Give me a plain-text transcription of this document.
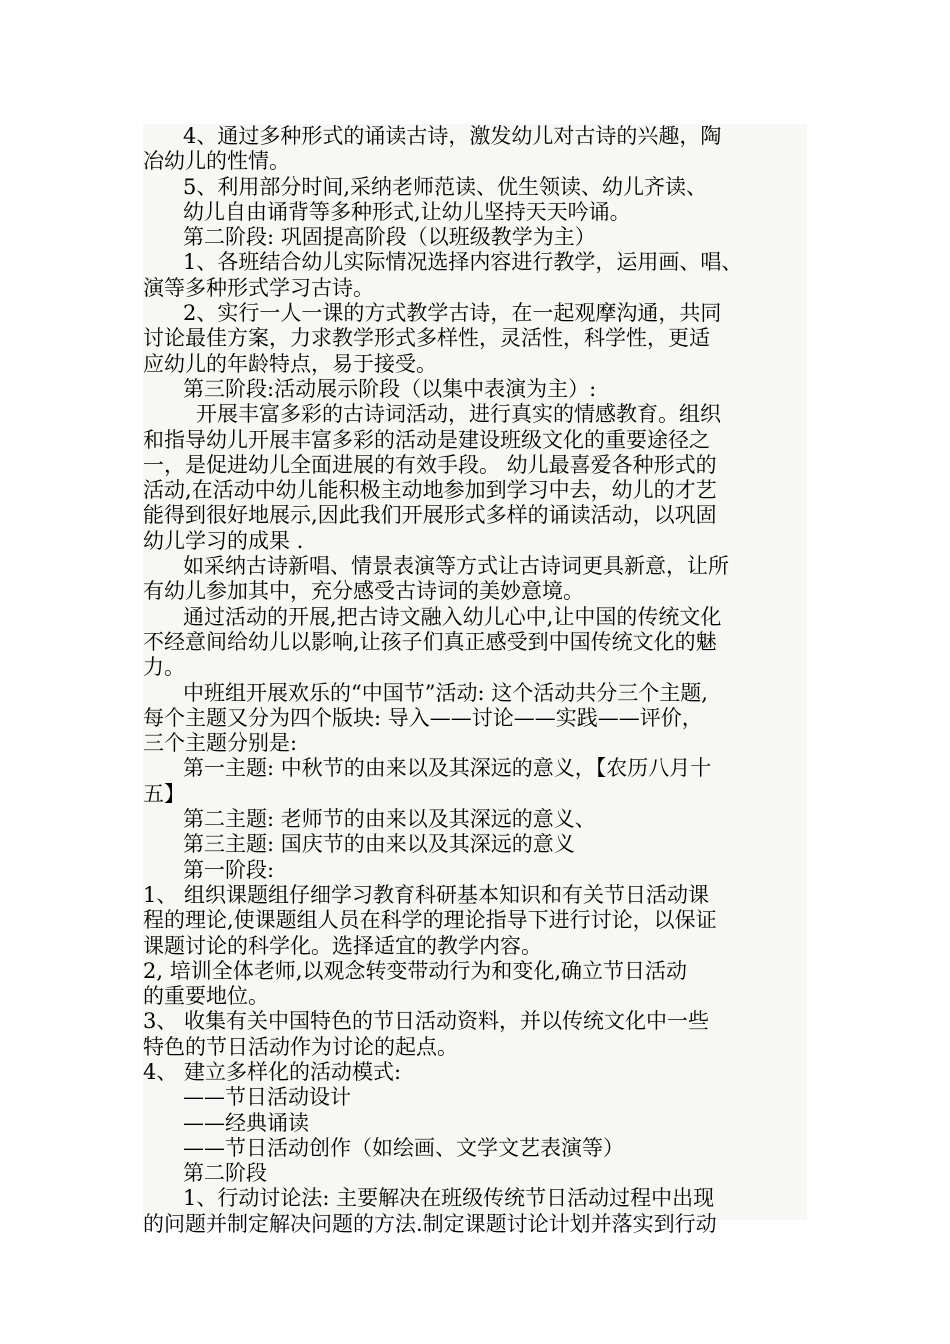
4、通过多种形式的诵读古诗，激发幼儿对古诗的兴趣，陶

冶幼儿的性情。

5、利用部分时间,采纳老师范读、优生领读、幼儿齐读、

幼儿自由诵背等多种形式,让幼儿坚持天天吟诵。

第二阶段: 巩固提高阶段（以班级教学为主）

1、各班结合幼儿实际情况选择内容进行教学，运用画、唱、

演等多种形式学习古诗。

2、实行一人一课的方式教学古诗，在一起观摩沟通，共同

讨论最佳方案，力求教学形式多样性，灵活性，科学性，更适

应幼儿的年龄特点，易于接受。

第三阶段:活动展示阶段（以集中表演为主）:

开展丰富多彩的古诗词活动，进行真实的情感教育。组织

和指导幼儿开展丰富多彩的活动是建设班级文化的重要途径之

一，是促进幼儿全面进展的有效手段。 幼儿最喜爱各种形式的

活动,在活动中幼儿能积极主动地参加到学习中去，幼儿的才艺

能得到很好地展示,因此我们开展形式多样的诵读活动，以巩固

幼儿学习的成果 .

如采纳古诗新唱、情景表演等方式让古诗词更具新意，让所

有幼儿参加其中，充分感受古诗词的美妙意境。

通过活动的开展,把古诗文融入幼儿心中,让中国的传统文化

不经意间给幼儿以影响,让孩子们真正感受到中国传统文化的魅

力。

中班组开展欢乐的“中国节”活动: 这个活动共分三个主题,

每个主题又分为四个版块: 导入——讨论——实践——评价，

三个主题分别是:

第一主题: 中秋节的由来以及其深远的意义，【农历八月十

五】

第二主题: 老师节的由来以及其深远的意义、

第三主题: 国庆节的由来以及其深远的意义

第一阶段:

1、 组织课题组仔细学习教育科研基本知识和有关节日活动课

程的理论,使课题组人员在科学的理论指导下进行讨论，以保证

课题讨论的科学化。选择适宜的教学内容。

2, 培训全体老师,以观念转变带动行为和变化,确立节日活动

的重要地位。

3、 收集有关中国特色的节日活动资料，并以传统文化中一些

特色的节日活动作为讨论的起点。

4、 建立多样化的活动模式:

——节日活动设计

——经典诵读

——节日活动创作（如绘画、文学文艺表演等）

第二阶段

1、行动讨论法: 主要解决在班级传统节日活动过程中出现

的问题并制定解决问题的方法.制定课题讨论计划并落实到行动
